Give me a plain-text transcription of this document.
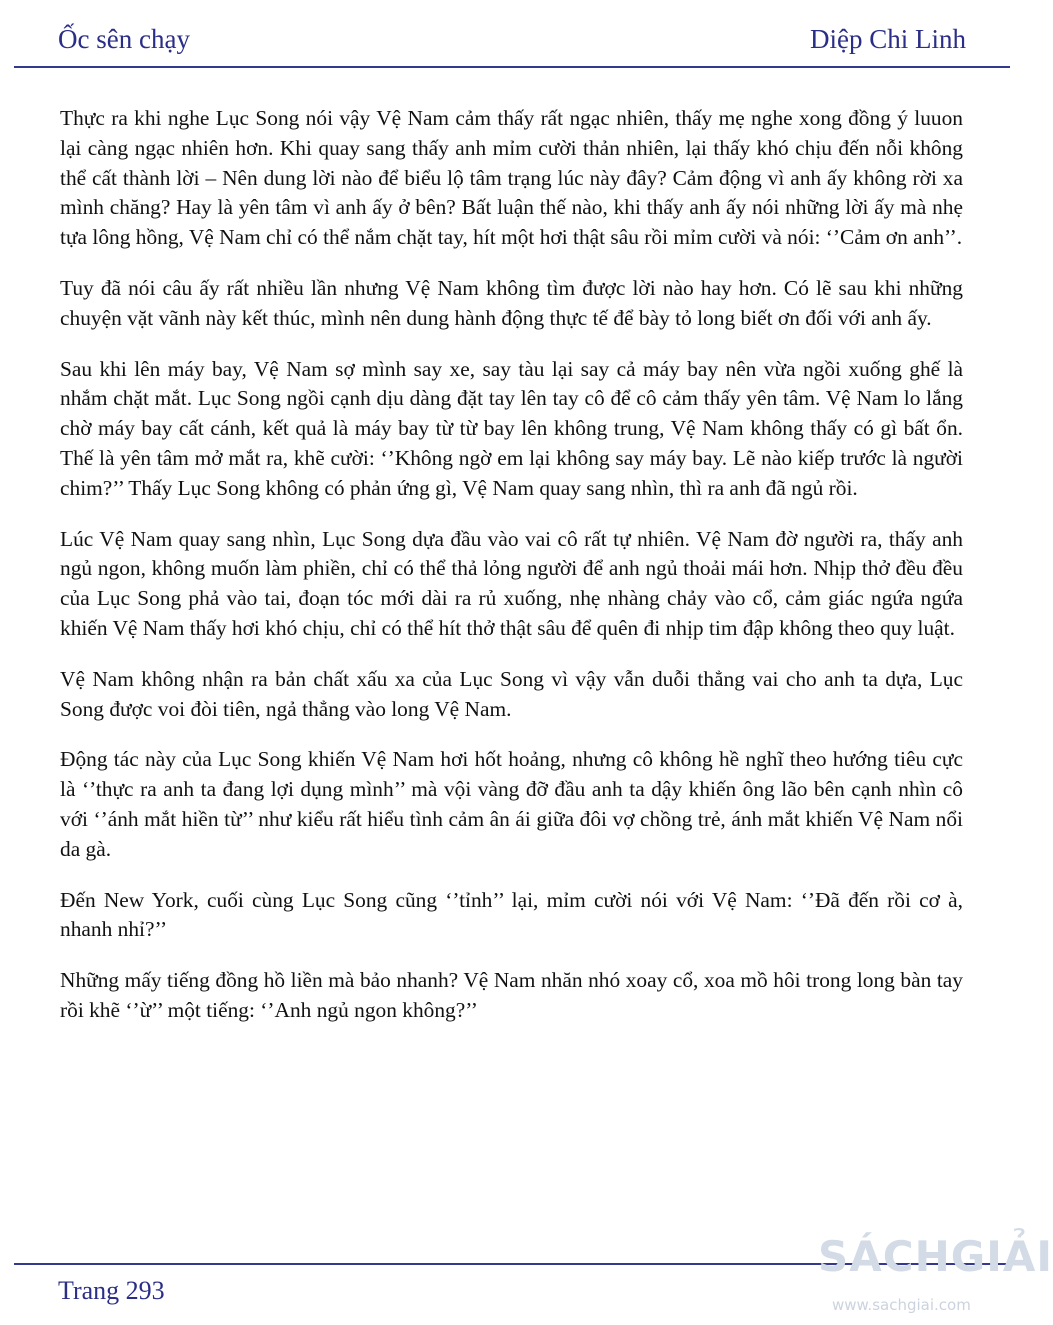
Ốc sên chạy	Diệp Chi Linh

Thực ra khi nghe Lục Song nói vậy Vệ Nam cảm thấy rất ngạc nhiên, thấy mẹ nghe xong đồng ý luuon lại càng ngạc nhiên hơn. Khi quay sang thấy anh mỉm cười thản nhiên, lại thấy khó chịu đến nỗi không thể cất thành lời – Nên dung lời nào để biểu lộ tâm trạng lúc này đây? Cảm động vì anh ấy không rời xa mình chăng? Hay là yên tâm vì anh ấy ở bên? Bất luận thế nào, khi thấy anh ấy nói những lời ấy mà nhẹ tựa lông hồng, Vệ Nam chỉ có thể nắm chặt tay, hít một hơi thật sâu rồi mỉm cười và nói: ‘’Cảm ơn anh’’.

Tuy đã nói câu ấy rất nhiều lần nhưng Vệ Nam không tìm được lời nào hay hơn. Có lẽ sau khi những chuyện vặt vãnh này kết thúc, mình nên dung hành động thực tế để bày tỏ long biết ơn đối với anh ấy.

Sau khi lên máy bay, Vệ Nam sợ mình say xe, say tàu lại say cả máy bay nên vừa ngồi xuống ghế là nhắm chặt mắt. Lục Song ngồi cạnh dịu dàng đặt tay lên tay cô để cô cảm thấy yên tâm. Vệ Nam lo lắng chờ máy bay cất cánh, kết quả là máy bay từ từ bay lên không trung, Vệ Nam không thấy có gì bất ổn. Thế là yên tâm mở mắt ra, khẽ cười: ‘’Không ngờ em lại không say máy bay. Lẽ nào kiếp trước là người chim?’’ Thấy Lục Song không có phản ứng gì, Vệ Nam quay sang nhìn, thì ra anh đã ngủ rồi.

Lúc Vệ Nam quay sang nhìn, Lục Song dựa đầu vào vai cô rất tự nhiên. Vệ Nam đờ người ra, thấy anh ngủ ngon, không muốn làm phiền, chỉ có thể thả lỏng người để anh ngủ thoải mái hơn. Nhịp thở đều đều của Lục Song phả vào tai, đoạn tóc mới dài ra rủ xuống, nhẹ nhàng chảy vào cổ, cảm giác ngứa ngứa khiến Vệ Nam thấy hơi khó chịu, chỉ có thể hít thở thật sâu để quên đi nhịp tim đập không theo quy luật.

Vệ Nam không nhận ra bản chất xấu xa của Lục Song vì vậy vẫn duỗi thẳng vai cho anh ta dựa, Lục Song được voi đòi tiên, ngả thẳng vào long Vệ Nam.

Động tác này của Lục Song khiến Vệ Nam hơi hốt hoảng, nhưng cô không hề nghĩ theo hướng tiêu cực là ‘’thực ra anh ta đang lợi dụng mình’’ mà vội vàng đỡ đầu anh ta dậy khiến ông lão bên cạnh nhìn cô với ‘’ánh mắt hiền từ’’ như kiểu rất hiểu tình cảm ân ái giữa đôi vợ chồng trẻ, ánh mắt khiến Vệ Nam nổi da gà.

Đến New York, cuối cùng Lục Song cũng ‘’tỉnh’’ lại, mỉm cười nói với Vệ Nam: ‘’Đã đến rồi cơ à, nhanh nhỉ?’’

Những mấy tiếng đồng hồ liền mà bảo nhanh? Vệ Nam nhăn nhó xoay cổ, xoa mồ hôi trong long bàn tay rồi khẽ ‘’ừ’’ một tiếng: ‘’Anh ngủ ngon không?’’

Trang 293
SÁCHGIẢI
www.sachgiai.com
